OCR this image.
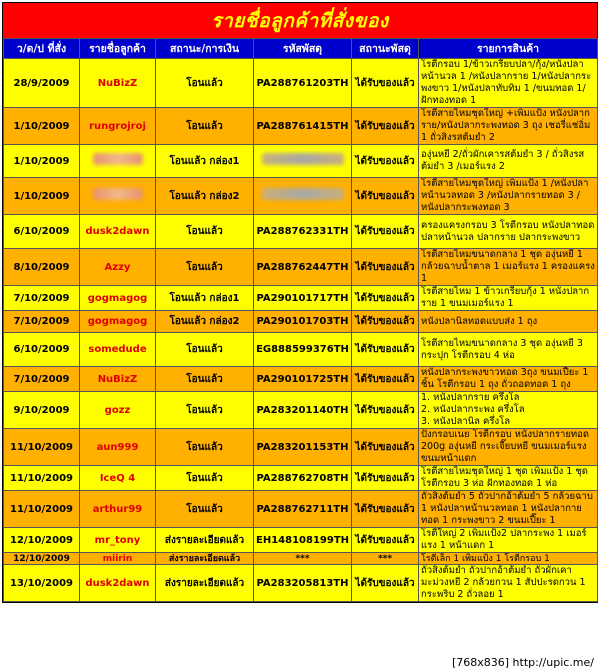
รายชื่อลูกค้าที่สั่งของ
ว/ด/ป ที่สั่ง	รายชื่อลูกค้า	สถานะ/การเงิน	รหัสพัสดุ	สถานะพัสดุ	รายการสินค้า
28/9/2009	NuBizZ	โอนแล้ว	PA288761203TH	ได้รับของแล้ว	โรตีกรอบ 1/ข้าวเกรียบปลา/กุ้ง/หนังปลาหน้านวล 1 /หนังปลากราย 1/หนังปลากระพงขาว 1/หนังปลาทับทิม 1 /ขนมทอด 1/ฝักทองทอด 1
1/10/2009	rungrojroj	โอนแล้ว	PA288761415TH	ได้รับของแล้ว	โรตีสายไหมชุดใหญ่ +เพิ่มแป้ง หนังปลากราย/หนังปลากระพงทอด 3 ถุง เชอรี่แช่อิ่ม 1 ถั่วสิงรสต้มยำ 2
1/10/2009		โอนแล้ว กล่อง1		ได้รับของแล้ว	องุ่นหยี 2/ถั่วผักเคารสต้มยำ 3 / ถั่วสิงรสต้มยำ 3 /เมอร์แรง 2
1/10/2009		โอนแล้ว กล่อง2		ได้รับของแล้ว	โรตีสายไหมชุดใหญ่ เพิ่มแป้ง 1 /หนังปลาหน้านวลทอด 3 /หนังปลากรายทอด 3 / หนังปลากระพงทอด 3
6/10/2009	dusk2dawn	โอนแล้ว	PA288762331TH	ได้รับของแล้ว	ครองแครงกรอบ 3 โรตีกรอบ หนังปลาทอด ปลาหน้านวล ปลากราย ปลากระพงขาว
8/10/2009	Azzy	โอนแล้ว	PA288762447TH	ได้รับของแล้ว	โรตีสายไหมขนาดกลาง 1 ชุด องุ่นหยี 1 กล้วยฉาบน้ำตาล 1 เมอร์แรง 1 ครองแครง 1
7/10/2009	gogmagog	โอนแล้ว กล่อง1	PA290101717TH	ได้รับของแล้ว	โรตีสายไหม 1 ข้าวเกรียบกุ้ง 1 หนังปลากราย 1 ขนมเมอร์แรง 1
7/10/2009	gogmagog	โอนแล้ว กล่อง2	PA290101703TH	ได้รับของแล้ว	หนังปลานิลทอดแบบส่ง 1 ถุง
6/10/2009	somedude	โอนแล้ว	EG888599376TH	ได้รับของแล้ว	โรตีสายไหมขนาดกลาง 3 ชุด องุ่นหยี 3 กระปุก โรตีกรอบ 4 ห่อ
7/10/2009	NuBizZ	โอนแล้ว	PA290101725TH	ได้รับของแล้ว	หนังปลากระพงขาวทอด 3ถุง ขนมเปี๊ยะ 1 ชิ้น โรตีกรอบ 1 ถุง ถั่วถอดทอด 1 ถุง
9/10/2009	gozz	โอนแล้ว	PA283201140TH	ได้รับของแล้ว	1. หนังปลากราย ครึ่งโล
2. หนังปลากระพง ครึ่งโล
3. หนังปลานิล ครึ่งโล
11/10/2009	aun999	โอนแล้ว	PA283201153TH	ได้รับของแล้ว	ปังกรอบเนย โรตีกรอบ หนังปลากรายทอด 200g องุ่นหยี กระเจี๊ยบหยี ขนมเมอร์แรง ขนมหน้าแดก
11/10/2009	IceQ 4	โอนแล้ว	PA288762708TH	ได้รับของแล้ว	โรตีสายไหมชุดใหญ่ 1 ชุด เพิ่มแป้ง 1 ชุด โรตีกรอบ 3 ห่อ ฝักทองทอด 1 ห่อ
11/10/2009	arthur99	โอนแล้ว	PA288762711TH	ได้รับของแล้ว	ถั่วสิงต้มยำ 5 ถั่วปากอ้าต้มยำ 5 กล้วยฉาบ 1 หนังปลาหน้านวลทอด 1 หนังปลากายทอด 1 กระพงขาว 2 ขนมเปี๊ยะ 1
12/10/2009	mr_tony	ส่งรายละเอียดแล้ว	EH148108199TH	ได้รับของแล้ว	โรตีใหญ่ 2 เพิ่มแป้ง2 ปลากระพง 1 เมอร์แรง 1 หน้าแดก 1
12/10/2009	miirin	ส่งรายละเอียดแล้ว	***	***	โรตีเล็ก 1 เพิ่มแป้ง 1 โรตีกรอบ 1
13/10/2009	dusk2dawn	ส่งรายละเอียดแล้ว	PA283205813TH	ได้รับของแล้ว	ถั่วสิงต้มยำ ถั่วปากอ้าต้มยำ ถั่วผักเคา มะม่วงหยี 2 กล้วยกวน 1 สัปปะรดกวน 1 กระพริบ 2 ถั่วลอย 1
[768x836] http://upic.me/
